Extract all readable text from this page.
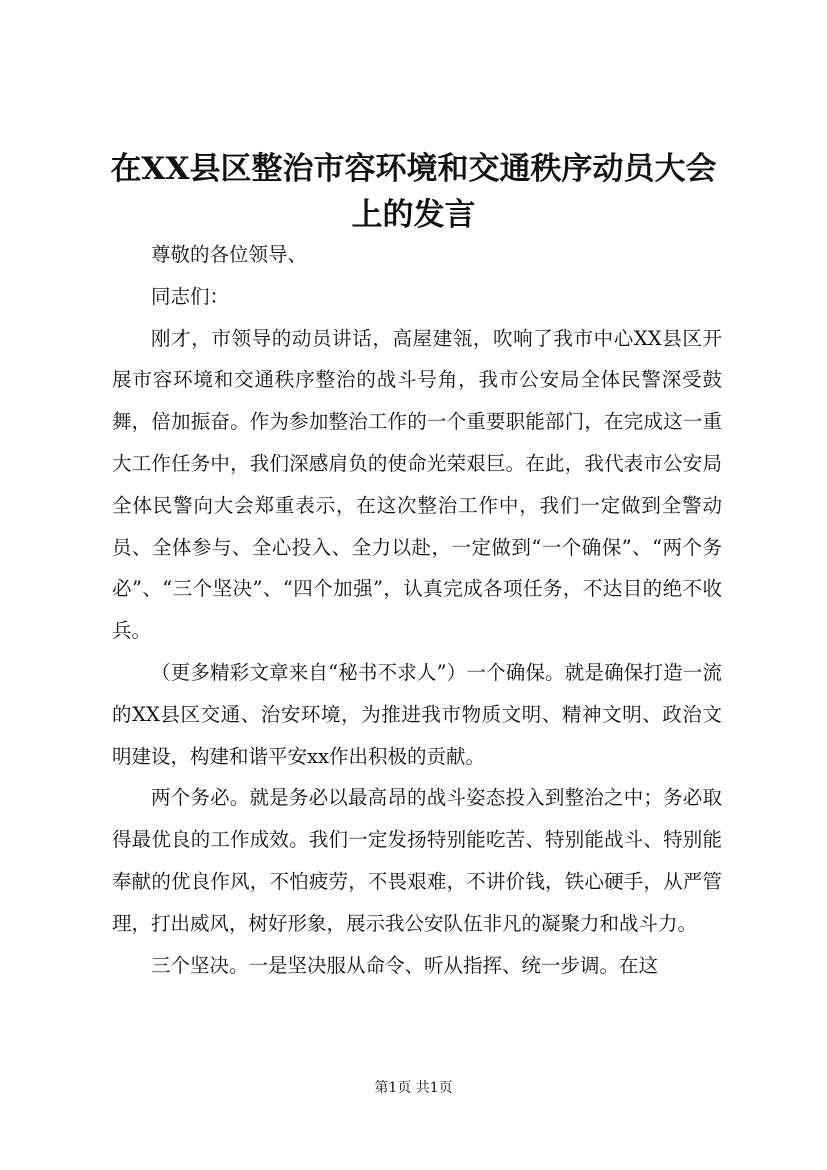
在XX县区整治市容环境和交通秩序动员大会上的发言

尊敬的各位领导、

同志们：

刚才，市领导的动员讲话，高屋建瓴，吹响了我市中心XX县区开展市容环境和交通秩序整治的战斗号角，我市公安局全体民警深受鼓舞，倍加振奋。作为参加整治工作的一个重要职能部门，在完成这一重大工作任务中，我们深感肩负的使命光荣艰巨。在此，我代表市公安局全体民警向大会郑重表示，在这次整治工作中，我们一定做到全警动员、全体参与、全心投入、全力以赴，一定做到“一个确保”、“两个务必”、“三个坚决”、“四个加强”，认真完成各项任务，不达目的绝不收兵。

（更多精彩文章来自“秘书不求人”）一个确保。就是确保打造一流的XX县区交通、治安环境，为推进我市物质文明、精神文明、政治文明建设，构建和谐平安xx作出积极的贡献。

两个务必。就是务必以最高昂的战斗姿态投入到整治之中；务必取得最优良的工作成效。我们一定发扬特别能吃苦、特别能战斗、特别能奉献的优良作风，不怕疲劳，不畏艰难，不讲价钱，铁心硬手，从严管理，打出威风，树好形象，展示我公安队伍非凡的凝聚力和战斗力。

三个坚决。一是坚决服从命令、听从指挥、统一步调。在这

第1页 共1页
